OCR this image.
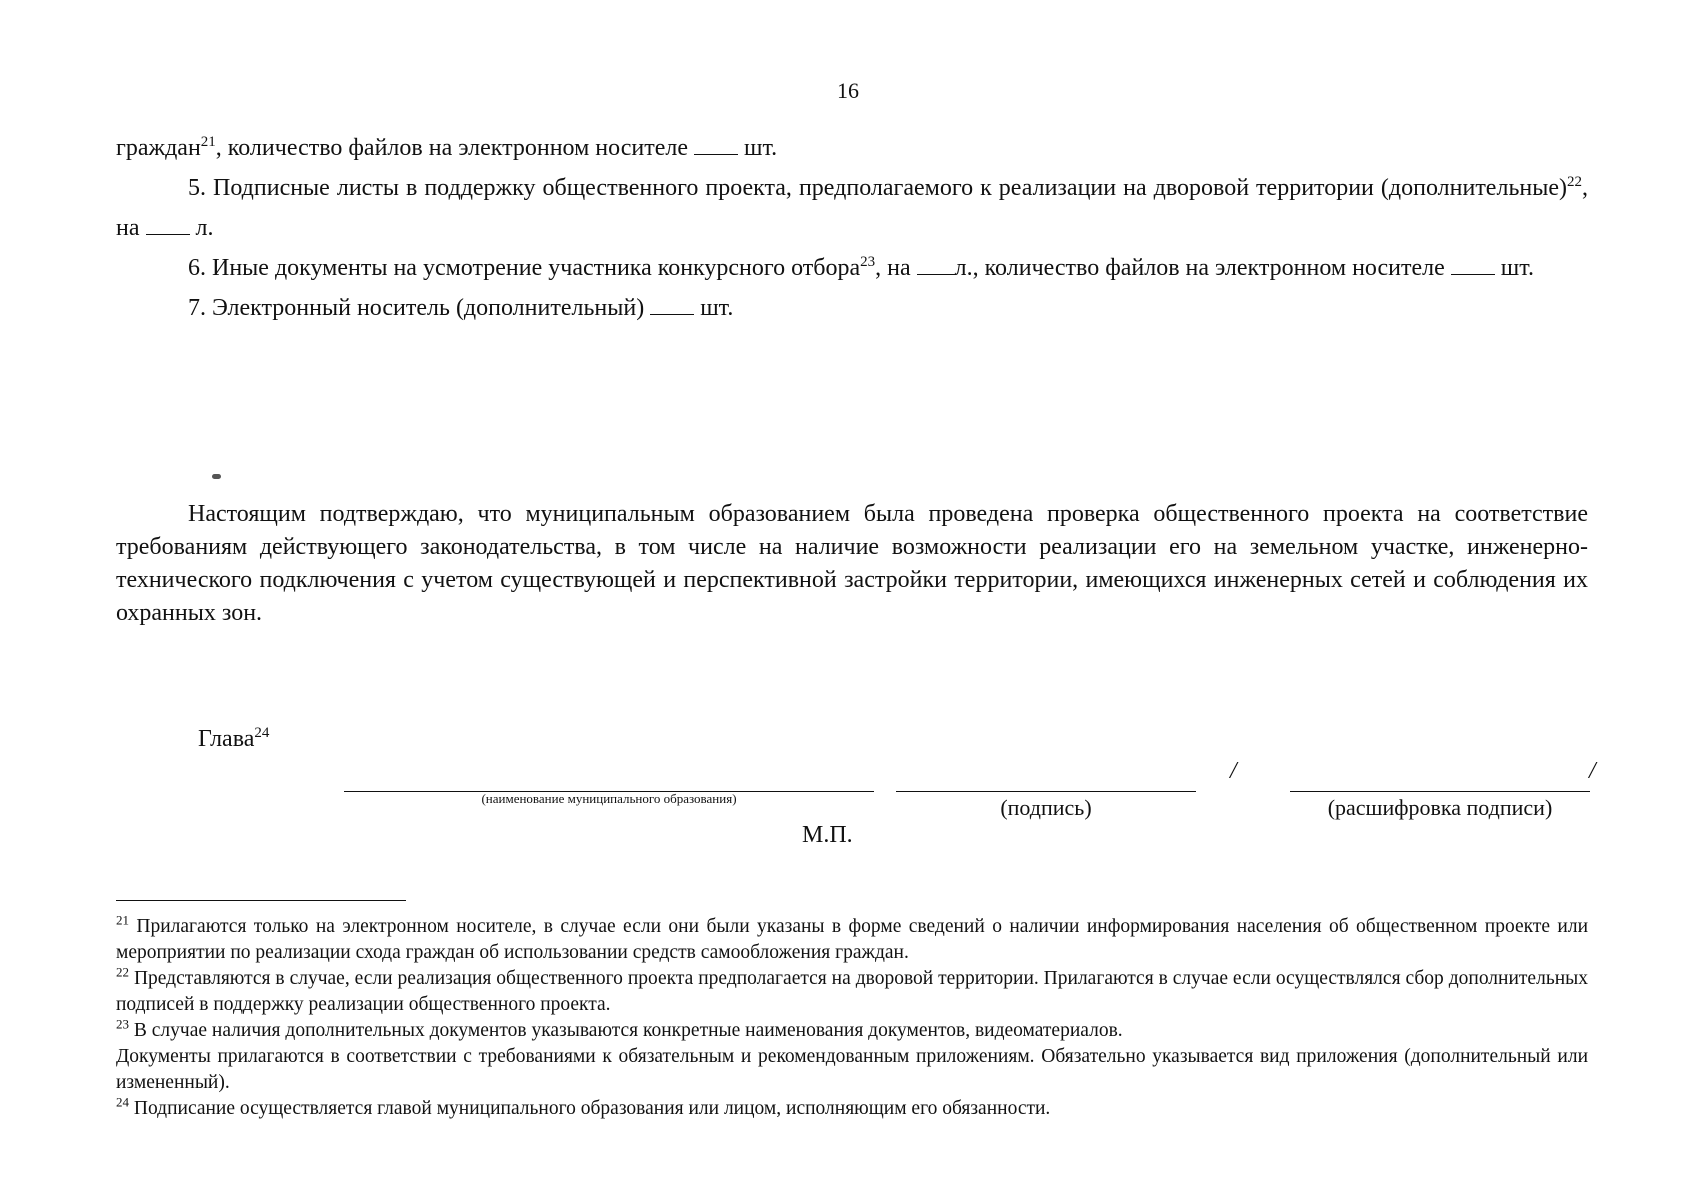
16

граждан$^{21}$, количество файлов на электронном носителе шт.

5. Подписные листы в поддержку общественного проекта, предполагаемого к реализации на дворовой территории (дополнительные)$^{22}$, на л.

6. Иные документы на усмотрение участника конкурсного отбора$^{23}$, на л., количество файлов на электронном носителе шт.

7. Электронный носитель (дополнительный) шт.

Настоящим подтверждаю, что муниципальным образованием была проведена проверка общественного проекта на соответствие требованиям действующего законодательства, в том числе на наличие возможности реализации его на земельном участке, инженерно-технического подключения с учетом существующей и перспективной застройки территории, имеющихся инженерных сетей и соблюдения их охранных зон.

Глава$^{24}$
(наименование муниципального образования)	(подпись)
/	/
(расшифровка подписи)
М.П.

$^{21}$ Прилагаются только на электронном носителе, в случае если они были указаны в форме сведений о наличии информирования населения об общественном проекте или мероприятии по реализации схода граждан об использовании средств самообложения граждан.

$^{22}$ Представляются в случае, если реализация общественного проекта предполагается на дворовой территории. Прилагаются в случае если осуществлялся сбор дополнительных подписей в поддержку реализации общественного проекта.

$^{23}$ В случае наличия дополнительных документов указываются конкретные наименования документов, видеоматериалов.

Документы прилагаются в соответствии с требованиями к обязательным и рекомендованным приложениям. Обязательно указывается вид приложения (дополнительный или измененный).

$^{24}$ Подписание осуществляется главой муниципального образования или лицом, исполняющим его обязанности.
